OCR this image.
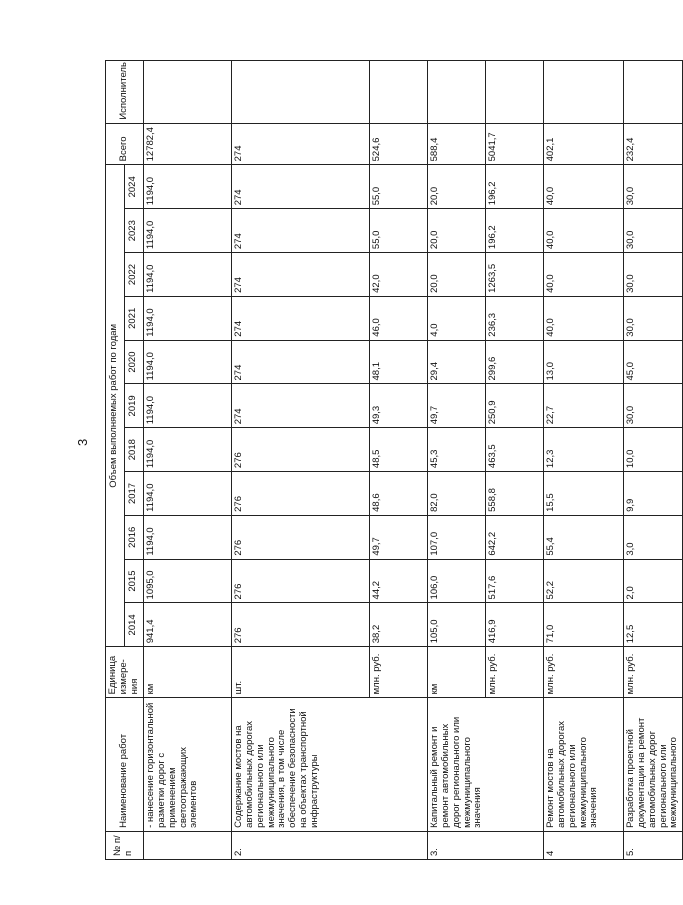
3
№ п/п	Наименование работ	Единица измере-ния	Объем выполняемых работ по годам											Всего	Исполнитель
			2014	2015	2016	2017	2018	2019	2020	2021	2022	2023	2024		
	- нанесение горизонтальной разметки дорог с применением светоотражающих элементов	км	941,4	1095,0	1194,0	1194,0	1194,0	1194,0	1194,0	1194,0	1194,0	1194,0	1194,0	12782,4	
2.	Содержание мостов на автомобильных дорогах регионального или межмуниципального значения, в том числе обеспечение безопасности на объектах транспортной инфраструктуры	шт.	276	276	276	276	276	274	274	274	274	274	274	274	
		млн. руб.	38,2	44,2	49,7	48,6	48,5	49,3	48,1	46,0	42,0	55,0	55,0	524,6	
3.	Капитальный ремонт и ремонт автомобильных дорог регионального или межмуниципального значения	км	105,0	106,0	107,0	82,0	45,3	49,7	29,4	4,0	20,0	20,0	20,0	588,4	
		млн. руб.	416,9	517,6	642,2	558,8	463,5	250,9	299,6	236,3	1263,5	196,2	196,2	5041,7	
4	Ремонт мостов на автомобильных дорогах регионального или межмуниципального значения	млн. руб.	71,0	52,2	55,4	15,5	12,3	22,7	13,0	40,0	40,0	40,0	40,0	402,1	
5.	Разработка проектной документации на ремонт автомобильных дорог регионального или межмуниципального	млн. руб.	12,5	2,0	3,0	9,9	10,0	30,0	45,0	30,0	30,0	30,0	30,0	232,4	
